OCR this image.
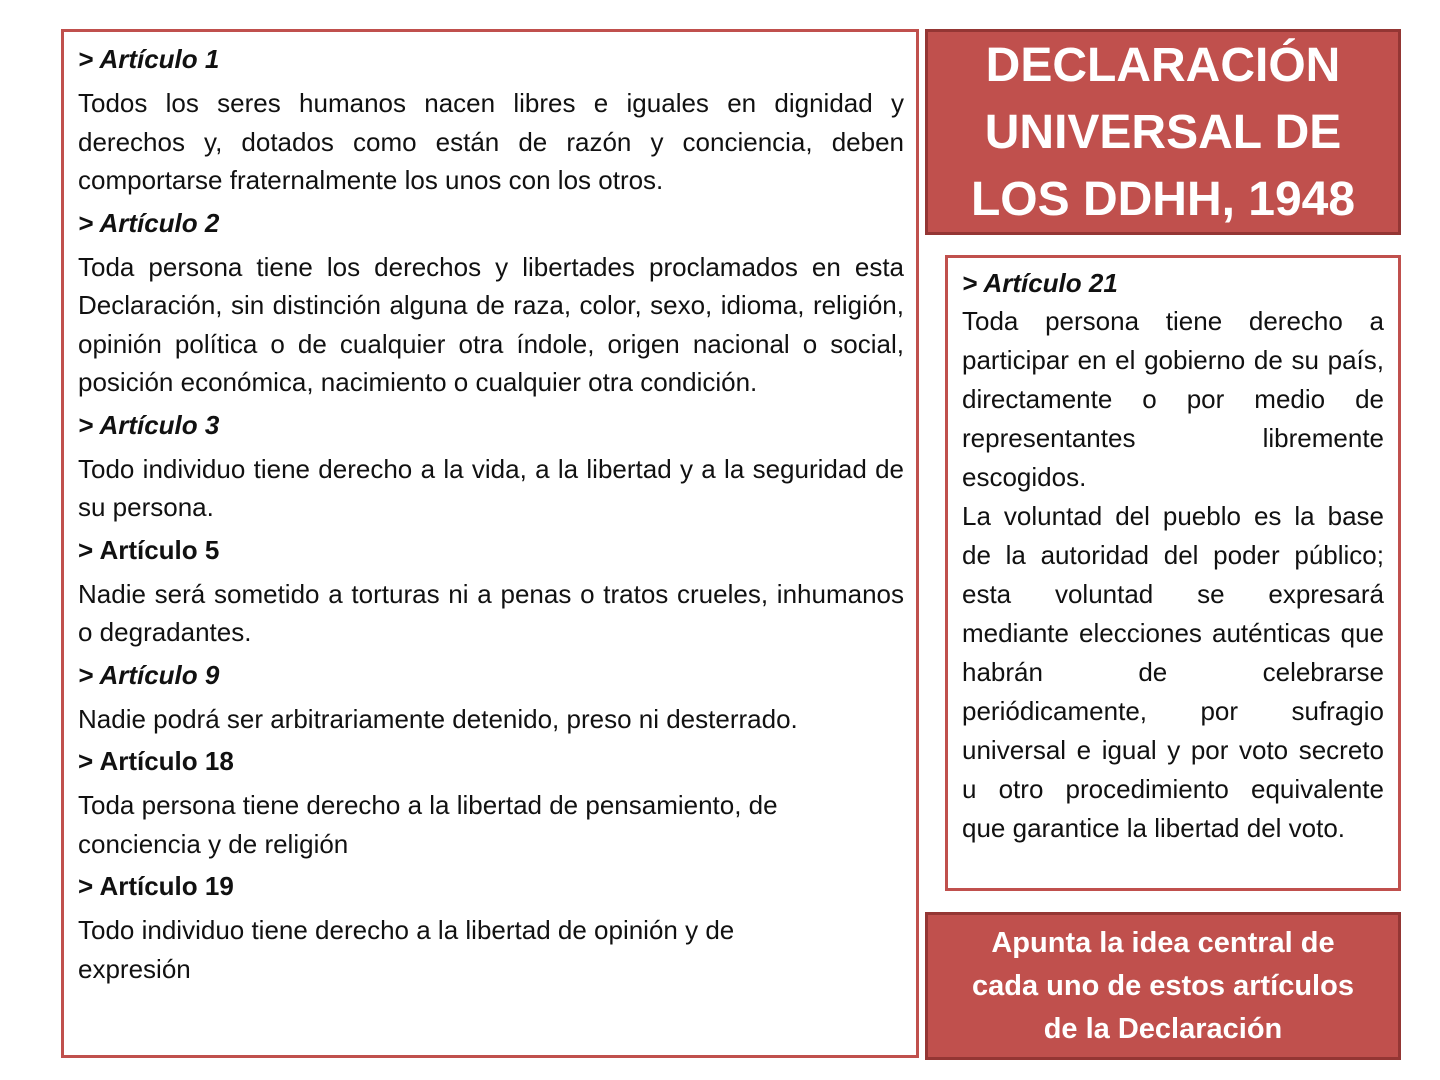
> Artículo 1

Todos los seres humanos nacen libres e iguales en dignidad y derechos y, dotados como están de razón y conciencia, deben comportarse fraternalmente los unos con los otros.

> Artículo 2

Toda persona tiene los derechos y libertades proclamados en esta Declaración, sin distinción alguna de raza, color, sexo, idioma, religión, opinión política o de cualquier otra índole, origen nacional o social, posición económica, nacimiento o cualquier otra condición.

> Artículo 3

Todo individuo tiene derecho a la vida, a la libertad y a la seguridad de su persona.

> Artículo 5

Nadie será sometido a torturas ni a penas o tratos crueles, inhumanos o degradantes.

> Artículo 9

Nadie podrá ser arbitrariamente detenido, preso ni desterrado.

> Artículo 18

Toda persona tiene derecho a la libertad de pensamiento, de conciencia y de religión

> Artículo 19

Todo individuo tiene derecho a la libertad de opinión y de expresión

DECLARACIÓN
UNIVERSAL DE
LOS DDHH, 1948

> Artículo 21

Toda persona tiene derecho a participar en el gobierno de su país, directamente o por medio de representantes libremente escogidos.

La voluntad del pueblo es la base de la autoridad del poder público; esta voluntad se expresará mediante elecciones auténticas que habrán de celebrarse periódicamente, por sufragio universal e igual y por voto secreto u otro procedimiento equivalente que garantice la libertad del voto.

Apunta la idea central de
cada uno de estos artículos
de la Declaración
